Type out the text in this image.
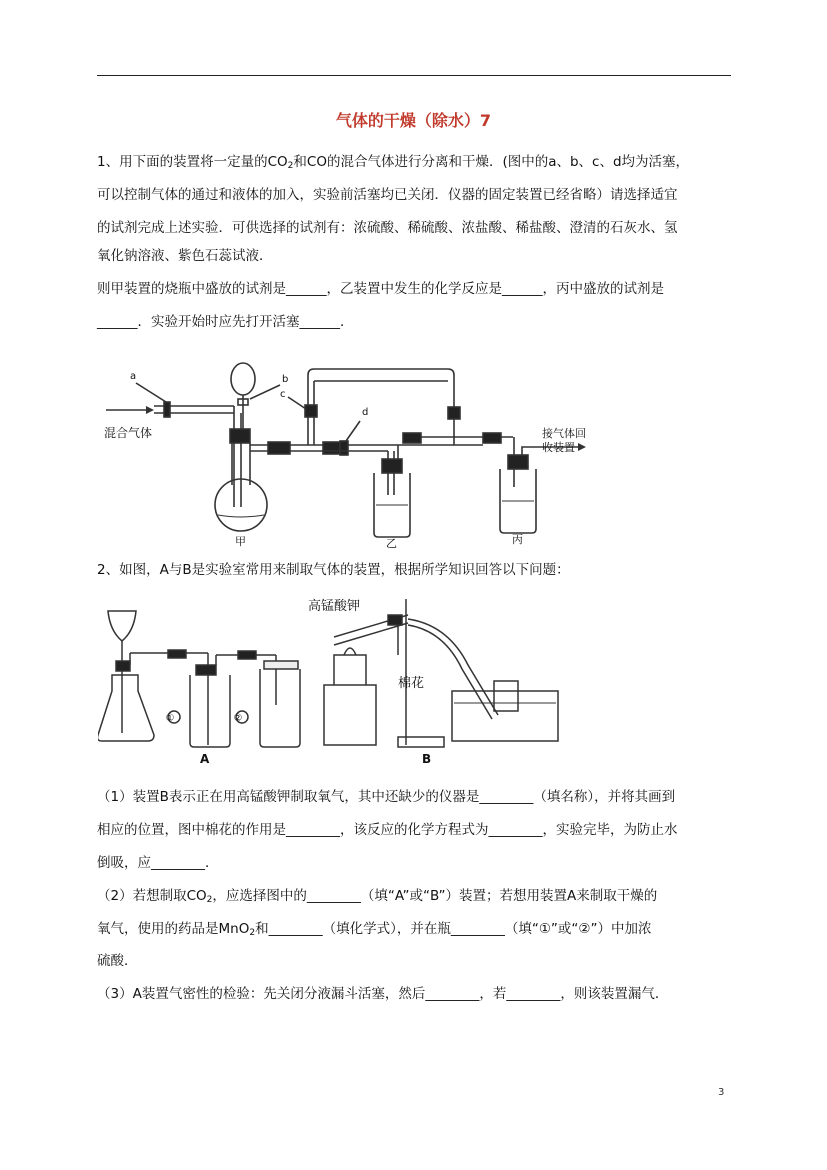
气体的干燥（除水）7

1、用下面的装置将一定量的$CO_2$和CO的混合气体进行分离和干燥．(图中的a、b、c、d均为活塞，

可以控制气体的通过和液体的加入，实验前活塞均已关闭．仪器的固定装置已经省略）请选择适宜

的试剂完成上述实验．可供选择的试剂有：浓硫酸、稀硫酸、浓盐酸、稀盐酸、澄清的石灰水、氢

氧化钠溶液、紫色石蕊试液．

则甲装置的烧瓶中盛放的试剂是______，乙装置中发生的化学反应是______，丙中盛放的试剂是

______．实验开始时应先打开活塞______．

a	b
c
d
混合气体	接气体回
收装置
甲	乙	丙

2、如图，A与B是实验室常用来制取气体的装置，根据所学知识回答以下问题：

高锰酸钾
棉花
①	②
A	B

（1）装置B表示正在用高锰酸钾制取氧气，其中还缺少的仪器是________（填名称），并将其画到

相应的位置，图中棉花的作用是________，该反应的化学方程式为________，实验完毕，为防止水

倒吸，应________．

（2）若想制取$CO_2$，应选择图中的________（填“A”或“B”）装置；若想用装置A来制取干燥的

氧气，使用的药品是MnO$_2$和________（填化学式），并在瓶________（填“①”或“②”）中加浓

硫酸．

（3）A装置气密性的检验：先关闭分液漏斗活塞，然后________，若________，则该装置漏气．

3
